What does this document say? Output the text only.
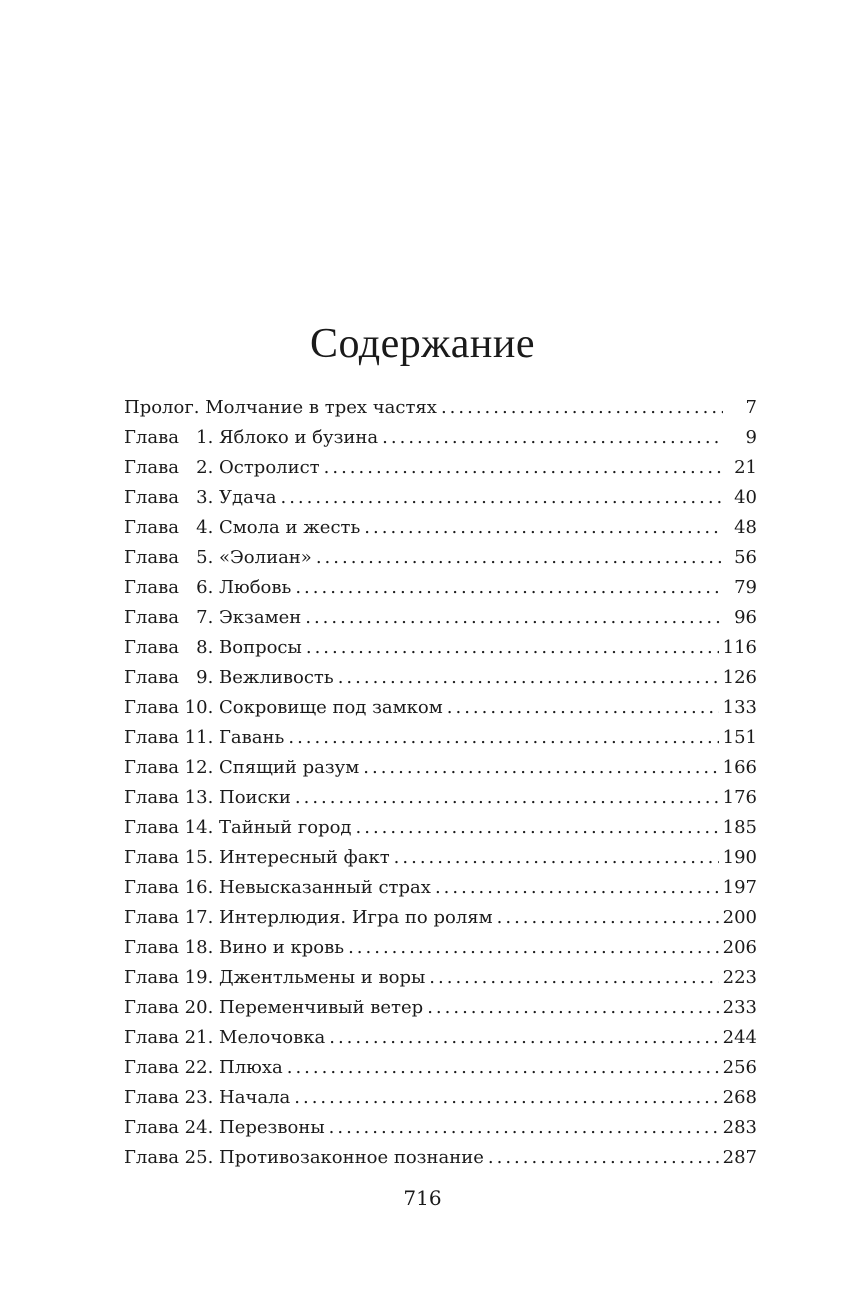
Содержание
Пролог. Молчание в трех частях .....	7
Глава   1. Яблоко и бузина .....	9
Глава   2. Остролист .....	21
Глава   3. Удача .....	40
Глава   4. Смола и жесть .....	48
Глава   5. «Эолиан» .....	56
Глава   6. Любовь .....	79
Глава   7. Экзамен .....	96
Глава   8. Вопросы .....	116
Глава   9. Вежливость .....	126
Глава 10. Сокровище под замком .....	133
Глава 11. Гавань .....	151
Глава 12. Спящий разум .....	166
Глава 13. Поиски .....	176
Глава 14. Тайный город .....	185
Глава 15. Интересный факт .....	190
Глава 16. Невысказанный страх .....	197
Глава 17. Интерлюдия. Игра по ролям .....	200
Глава 18. Вино и кровь .....	206
Глава 19. Джентльмены и воры .....	223
Глава 20. Переменчивый ветер .....	233
Глава 21. Мелочовка .....	244
Глава 22. Плюха .....	256
Глава 23. Начала .....	268
Глава 24. Перезвоны .....	283
Глава 25. Противозаконное познание .....	287
716
